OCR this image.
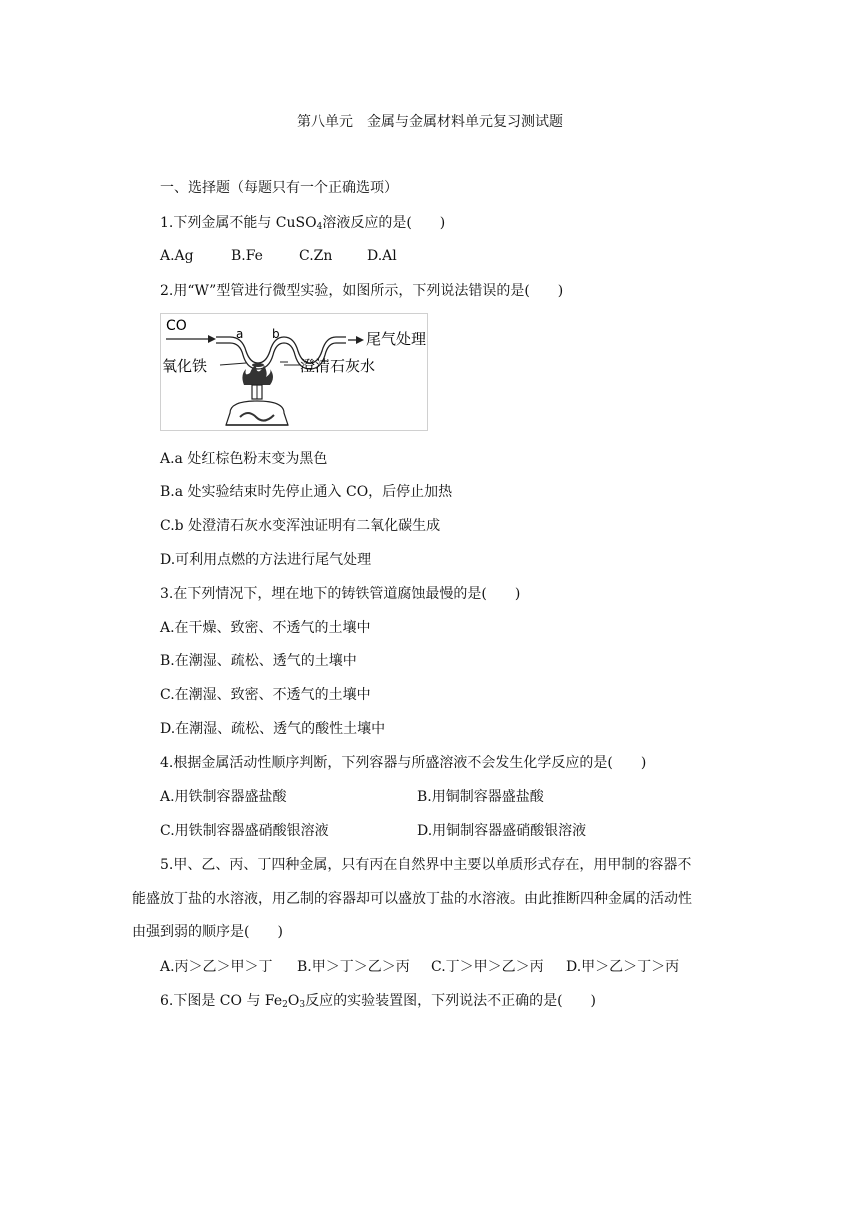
第八单元　金属与金属材料单元复习测试题
一、选择题（每题只有一个正确选项）
1.下列金属不能与 CuSO$_4$溶液反应的是(　　)
A.Ag	B.Fe	C.Zn D.Al
2.用“W”型管进行微型实验，如图所示，下列说法错误的是(　　)
CO	a b	尾气处理
氧化铁	澄清石灰水
A.a 处红棕色粉末变为黑色
B.a 处实验结束时先停止通入 CO，后停止加热
C.b 处澄清石灰水变浑浊证明有二氧化碳生成
D.可利用点燃的方法进行尾气处理
3.在下列情况下，埋在地下的铸铁管道腐蚀最慢的是(　　)
A.在干燥、致密、不透气的土壤中
B.在潮湿、疏松、透气的土壤中
C.在潮湿、致密、不透气的土壤中
D.在潮湿、疏松、透气的酸性土壤中
4.根据金属活动性顺序判断，下列容器与所盛溶液不会发生化学反应的是(　　)
A.用铁制容器盛盐酸	B.用铜制容器盛盐酸
C.用铁制容器盛硝酸银溶液	D.用铜制容器盛硝酸银溶液
5.甲、乙、丙、丁四种金属，只有丙在自然界中主要以单质形式存在，用甲制的容器不
能盛放丁盐的水溶液，用乙制的容器却可以盛放丁盐的水溶液。由此推断四种金属的活动性
由强到弱的顺序是(　　)
A.丙＞乙＞甲＞丁 B.甲＞丁＞乙＞丙 C.丁＞甲＞乙＞丙 D.甲＞乙＞丁＞丙
6.下图是 CO 与 $Fe_2O_3$反应的实验装置图，下列说法不正确的是(　　)
